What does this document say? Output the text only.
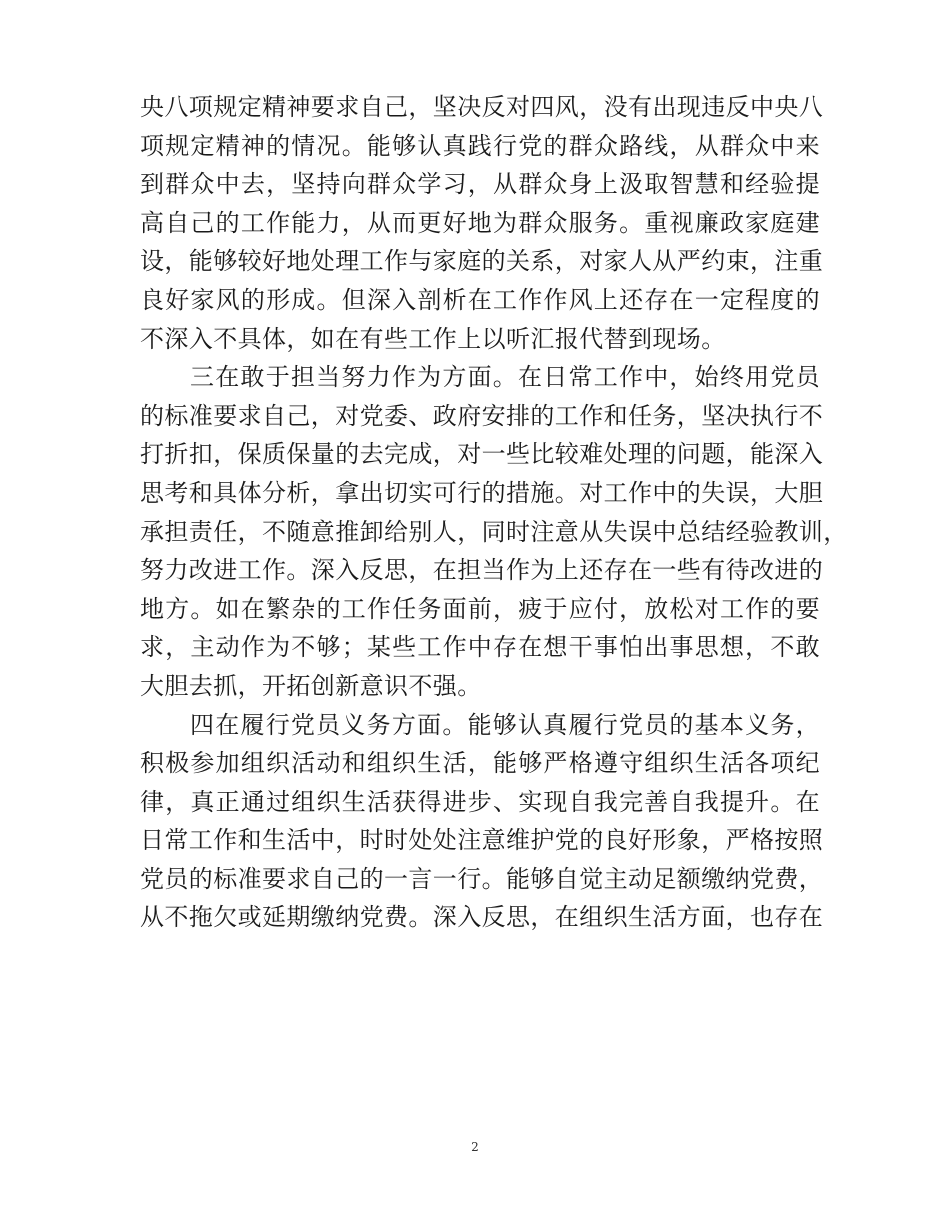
央八项规定精神要求自己，坚决反对四风，没有出现违反中央八
项规定精神的情况。能够认真践行党的群众路线，从群众中来
到群众中去，坚持向群众学习，从群众身上汲取智慧和经验提
高自己的工作能力，从而更好地为群众服务。重视廉政家庭建
设，能够较好地处理工作与家庭的关系，对家人从严约束，注重
良好家风的形成。但深入剖析在工作作风上还存在一定程度的
不深入不具体，如在有些工作上以听汇报代替到现场。
三在敢于担当努力作为方面。在日常工作中，始终用党员
的标准要求自己，对党委、政府安排的工作和任务，坚决执行不
打折扣，保质保量的去完成，对一些比较难处理的问题，能深入
思考和具体分析，拿出切实可行的措施。对工作中的失误，大胆
承担责任，不随意推卸给别人，同时注意从失误中总结经验教训，
努力改进工作。深入反思，在担当作为上还存在一些有待改进的
地方。如在繁杂的工作任务面前，疲于应付，放松对工作的要
求，主动作为不够；某些工作中存在想干事怕出事思想，不敢
大胆去抓，开拓创新意识不强。
四在履行党员义务方面。能够认真履行党员的基本义务，
积极参加组织活动和组织生活，能够严格遵守组织生活各项纪
律，真正通过组织生活获得进步、实现自我完善自我提升。在
日常工作和生活中，时时处处注意维护党的良好形象，严格按照
党员的标准要求自己的一言一行。能够自觉主动足额缴纳党费，
从不拖欠或延期缴纳党费。深入反思，在组织生活方面，也存在
2
